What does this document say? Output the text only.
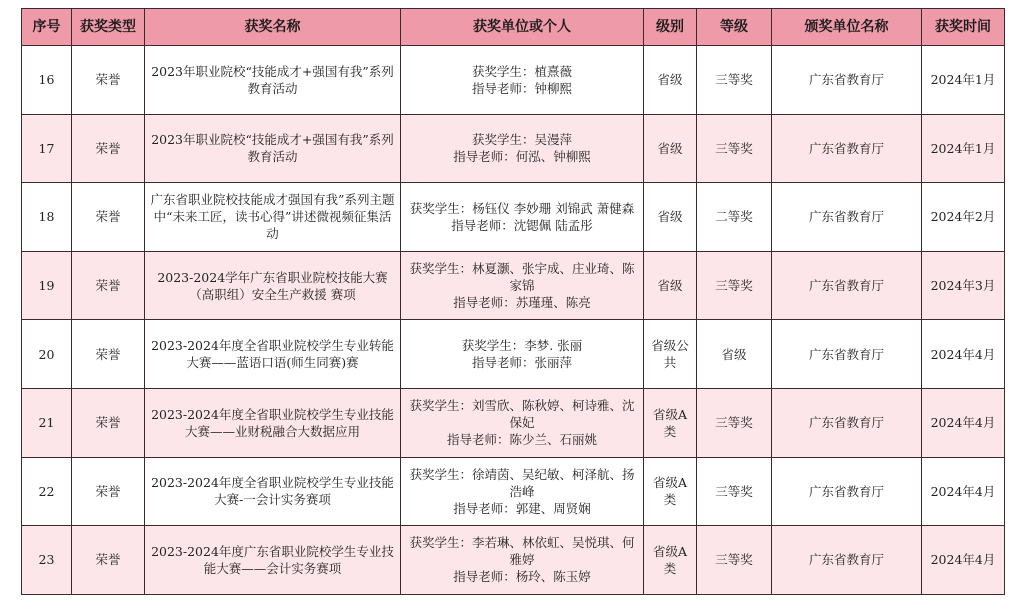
序号	获奖类型	获奖名称	获奖单位或个人	级别	等级	颁奖单位名称	获奖时间
16	荣誉	2023年职业院校“技能成才+强国有我”系列教育活动	获奖学生：植熹薇
指导老师：钟柳熙	省级	三等奖	广东省教育厅	2024年1月
17	荣誉	2023年职业院校“技能成才+强国有我”系列教育活动	获奖学生：吴漫萍
指导老师：何泓、钟柳熙	省级	三等奖	广东省教育厅	2024年1月
18	荣誉	广东省职业院校技能成才强国有我”系列主题中“未来工匠，读书心得”讲述微视频征集活动	获奖学生：杨钰仪 李妙珊 刘锦武 萧健森
指导老师：沈锶佩 陆孟彤	省级	二等奖	广东省教育厅	2024年2月
19	荣誉	2023-2024学年广东省职业院校技能大赛（高职组）安全生产救援 赛项	获奖学生：林夏灏、张宇成、庄业琦、陈家锦
指导老师：苏瑾瑾、陈亮	省级	三等奖	广东省教育厅	2024年3月
20	荣誉	2023-2024年度全省职业院校学生专业转能大赛——蓝语口语(师生同赛)赛	获奖学生：李梦. 张丽
指导老师：张丽萍	省级公共	省级	广东省教育厅	2024年4月
21	荣誉	2023-2024年度全省职业院校学生专业技能大赛——业财税融合大数据应用	获奖学生：刘雪欣、陈秋婷、柯诗雅、沈保妃
指导老师：陈少兰、石丽姚	省级A类	三等奖	广东省教育厅	2024年4月
22	荣誉	2023-2024年度全省职业院校学生专业技能大赛-一会计实务赛项	获奖学生：徐靖茵、吴纪敏、柯泽航、扬浩峰
指导老师：郭建、周贤娴	省级A类	三等奖	广东省教育厅	2024年4月
23	荣誉	2023-2024年度广东省职业院校学生专业技能大赛——会计实务赛项	获奖学生：李若琳、林依虹、吴悦琪、何雅婷
指导老师：杨玲、陈玉婷	省级A类	三等奖	广东省教育厅	2024年4月
